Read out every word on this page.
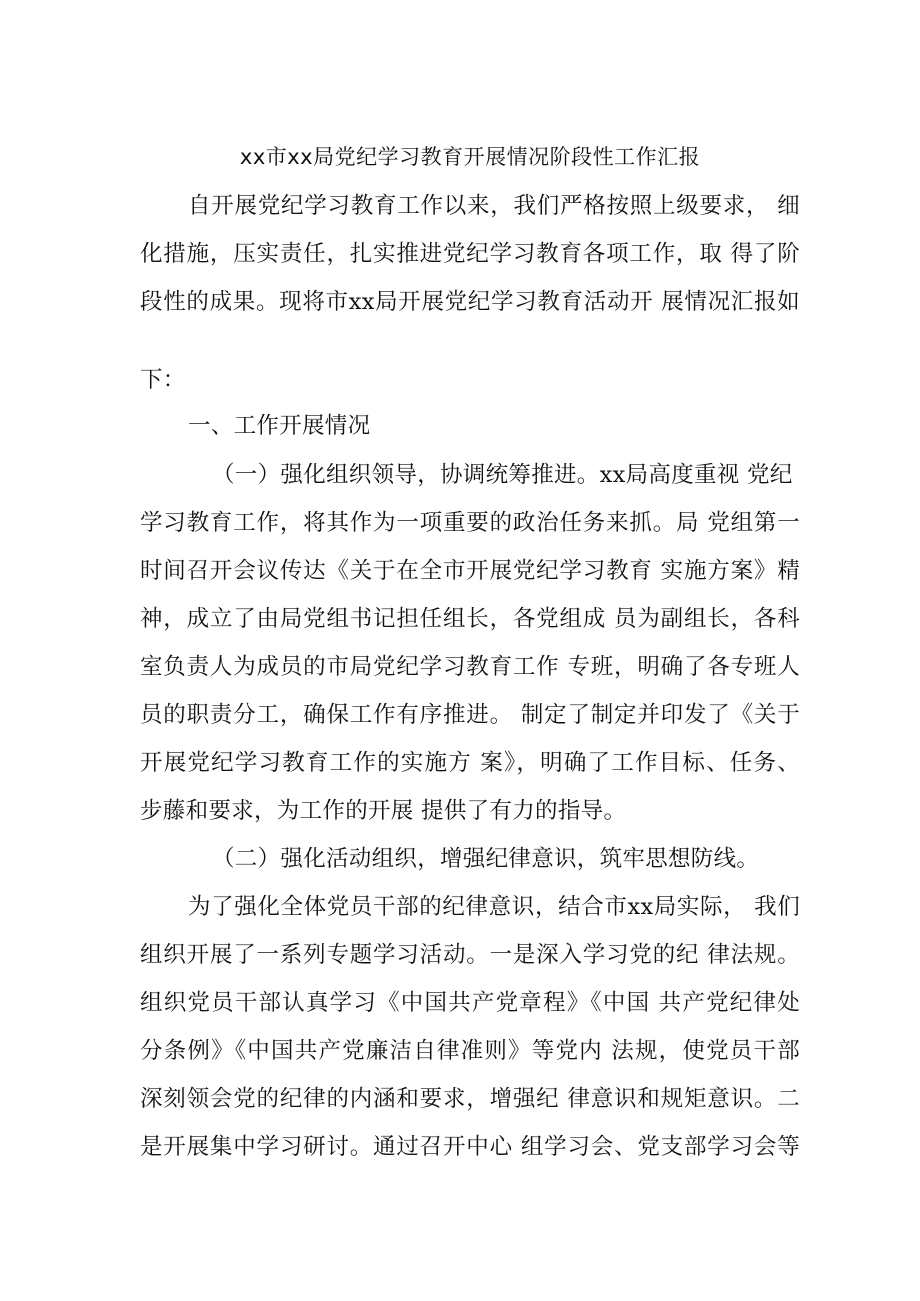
xx市xx局党纪学习教育开展情况阶段性工作汇报
自开展党纪学习教育工作以来，我们严格按照上级要求， 细
化措施，压实责任，扎实推进党纪学习教育各项工作，取 得了阶
段性的成果。现将市xx局开展党纪学习教育活动开 展情况汇报如
下：
一、工作开展情况
（一）强化组织领导，协调统筹推进。xx局高度重视 党纪
学习教育工作，将其作为一项重要的政治任务来抓。局 党组第一
时间召开会议传达《关于在全市开展党纪学习教育 实施方案》精
神，成立了由局党组书记担任组长，各党组成 员为副组长，各科
室负责人为成员的市局党纪学习教育工作 专班，明确了各专班人
员的职责分工，确保工作有序推进。 制定了制定并印发了《关于
开展党纪学习教育工作的实施方 案》，明确了工作目标、任务、
步藤和要求，为工作的开展 提供了有力的指导。
（二）强化活动组织，增强纪律意识，筑牢思想防线。
为了强化全体党员干部的纪律意识，结合市xx局实际， 我们
组织开展了一系列专题学习活动。一是深入学习党的纪 律法规。
组织党员干部认真学习《中国共产党章程》《中国 共产党纪律处
分条例》《中国共产党廉洁自律准则》等党内 法规，使党员干部
深刻领会党的纪律的内涵和要求，增强纪 律意识和规矩意识。二
是开展集中学习研讨。通过召开中心 组学习会、党支部学习会等
